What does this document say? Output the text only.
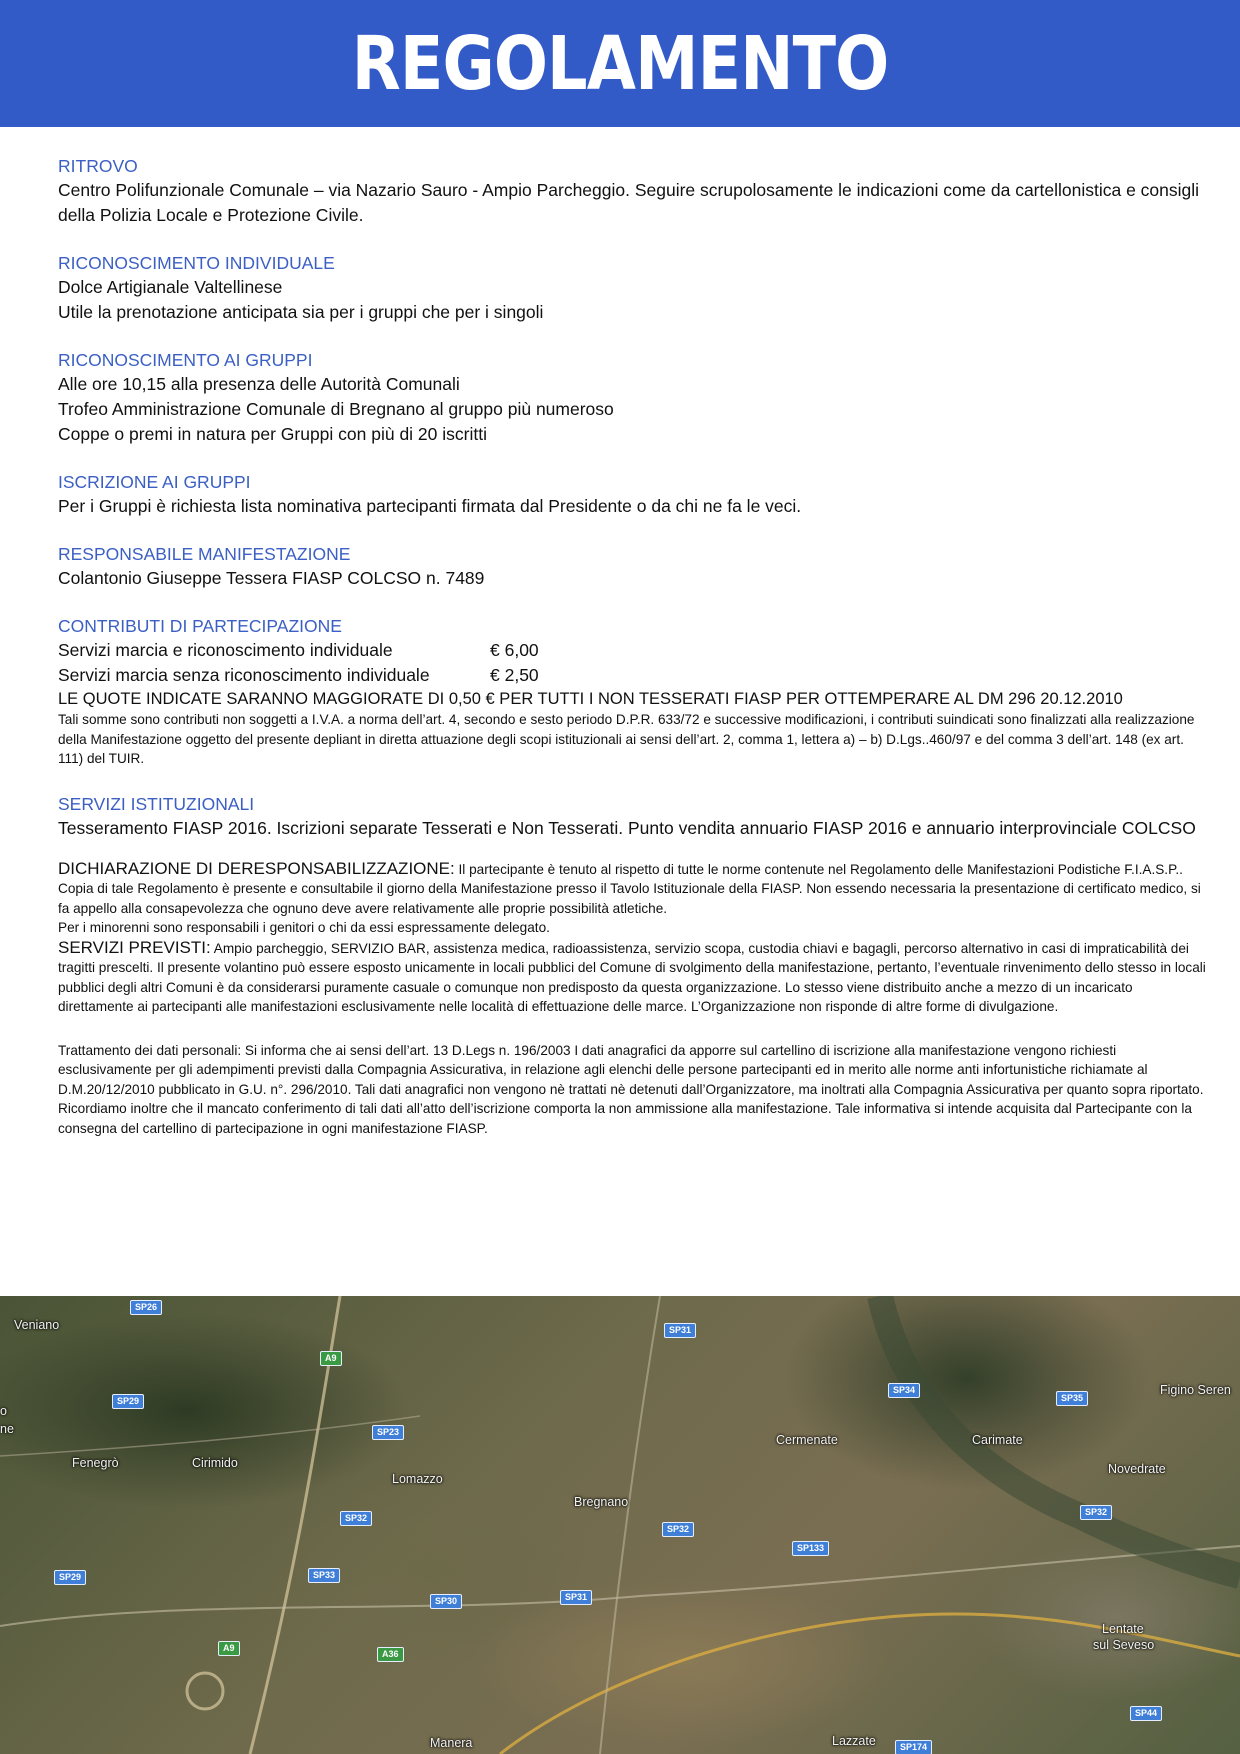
REGOLAMENTO

RITROVO

Centro Polifunzionale Comunale – via Nazario Sauro - Ampio Parcheggio. Seguire scrupolosamente le indicazioni come da cartellonistica e consigli della Polizia Locale e Protezione Civile.

RICONOSCIMENTO INDIVIDUALE

Dolce Artigianale Valtellinese

Utile la prenotazione anticipata sia per i gruppi che per i singoli

RICONOSCIMENTO AI GRUPPI

Alle ore 10,15 alla presenza delle Autorità Comunali

Trofeo Amministrazione Comunale di Bregnano al gruppo più numeroso

Coppe o premi in natura per Gruppi con più di 20 iscritti

ISCRIZIONE AI GRUPPI

Per i Gruppi è richiesta lista nominativa partecipanti firmata dal Presidente o da chi ne fa le veci.

RESPONSABILE MANIFESTAZIONE

Colantonio Giuseppe Tessera FIASP COLCSO n. 7489

CONTRIBUTI DI PARTECIPAZIONE

Servizi marcia e riconoscimento individuale	€ 6,00
Servizi marcia senza riconoscimento individuale	€ 2,50

LE QUOTE INDICATE SARANNO MAGGIORATE DI 0,50 € PER TUTTI I NON TESSERATI FIASP PER OTTEMPERARE AL DM 296 20.12.2010

Tali somme sono contributi non soggetti a I.V.A. a norma dell’art. 4, secondo e sesto periodo D.P.R. 633/72 e successive modificazioni, i contributi suindicati sono finalizzati alla realizzazione della Manifestazione oggetto del presente depliant in diretta attuazione degli scopi istituzionali ai sensi dell’art. 2, comma 1, lettera a) – b) D.Lgs..460/97 e del comma 3 dell’art. 148 (ex art. 111) del TUIR.

SERVIZI ISTITUZIONALI

Tesseramento FIASP 2016. Iscrizioni separate Tesserati e Non Tesserati. Punto vendita annuario FIASP 2016 e annuario interprovinciale COLCSO

DICHIARAZIONE DI DERESPONSABILIZZAZIONE: Il partecipante è tenuto al rispetto di tutte le norme contenute nel Regolamento delle Manifestazioni Podistiche F.I.A.S.P.. Copia di tale Regolamento è presente e consultabile il giorno della Manifestazione presso il Tavolo Istituzionale della FIASP. Non essendo necessaria la presentazione di certificato medico, si fa appello alla consapevolezza che ognuno deve avere relativamente alle proprie possibilità atletiche.

Per i minorenni sono responsabili i genitori o chi da essi espressamente delegato.

SERVIZI PREVISTI: Ampio parcheggio, SERVIZIO BAR, assistenza medica, radioassistenza, servizio scopa, custodia chiavi e bagagli, percorso alternativo in casi di impraticabilità dei tragitti prescelti. Il presente volantino può essere esposto unicamente in locali pubblici del Comune di svolgimento della manifestazione, pertanto, l’eventuale rinvenimento dello stesso in locali pubblici degli altri Comuni è da considerarsi puramente casuale o comunque non predisposto da questa organizzazione. Lo stesso viene distribuito anche a mezzo di un incaricato direttamente ai partecipanti alle manifestazioni esclusivamente nelle località di effettuazione delle marce. L’Organizzazione non risponde di altre forme di divulgazione.

Trattamento dei dati personali: Si informa che ai sensi dell’art. 13 D.Legs n. 196/2003 I dati anagrafici da apporre sul cartellino di iscrizione alla manifestazione vengono richiesti esclusivamente per gli adempimenti previsti dalla Compagnia Assicurativa, in relazione agli elenchi delle persone partecipanti ed in merito alle norme anti infortunistiche richiamate al D.M.20/12/2010 pubblicato in G.U. n°. 296/2010. Tali dati anagrafici non vengono nè trattati nè detenuti dall’Organizzatore, ma inoltrati alla Compagnia Assicurativa per quanto sopra riportato. Ricordiamo inoltre che il mancato conferimento di tali dati all’atto dell’iscrizione comporta la non ammissione alla manifestazione. Tale informativa si intende acquisita dal Partecipante con la consegna del cartellino di partecipazione in ogni manifestazione FIASP.

Veniano
Fenegrò	Cirimido
Lomazzo
Bregnano
Cermenate	Carimate
Novedrate
Figino Seren
Lentate
sul Seveso
Manera	Lazzate
o
ne
SP26
A9
SP29
SP23
SP31
SP34
SP35
SP32
SP32
SP32
SP133
SP33
SP29
SP30	SP31
A9
A36
SP44
SP174
